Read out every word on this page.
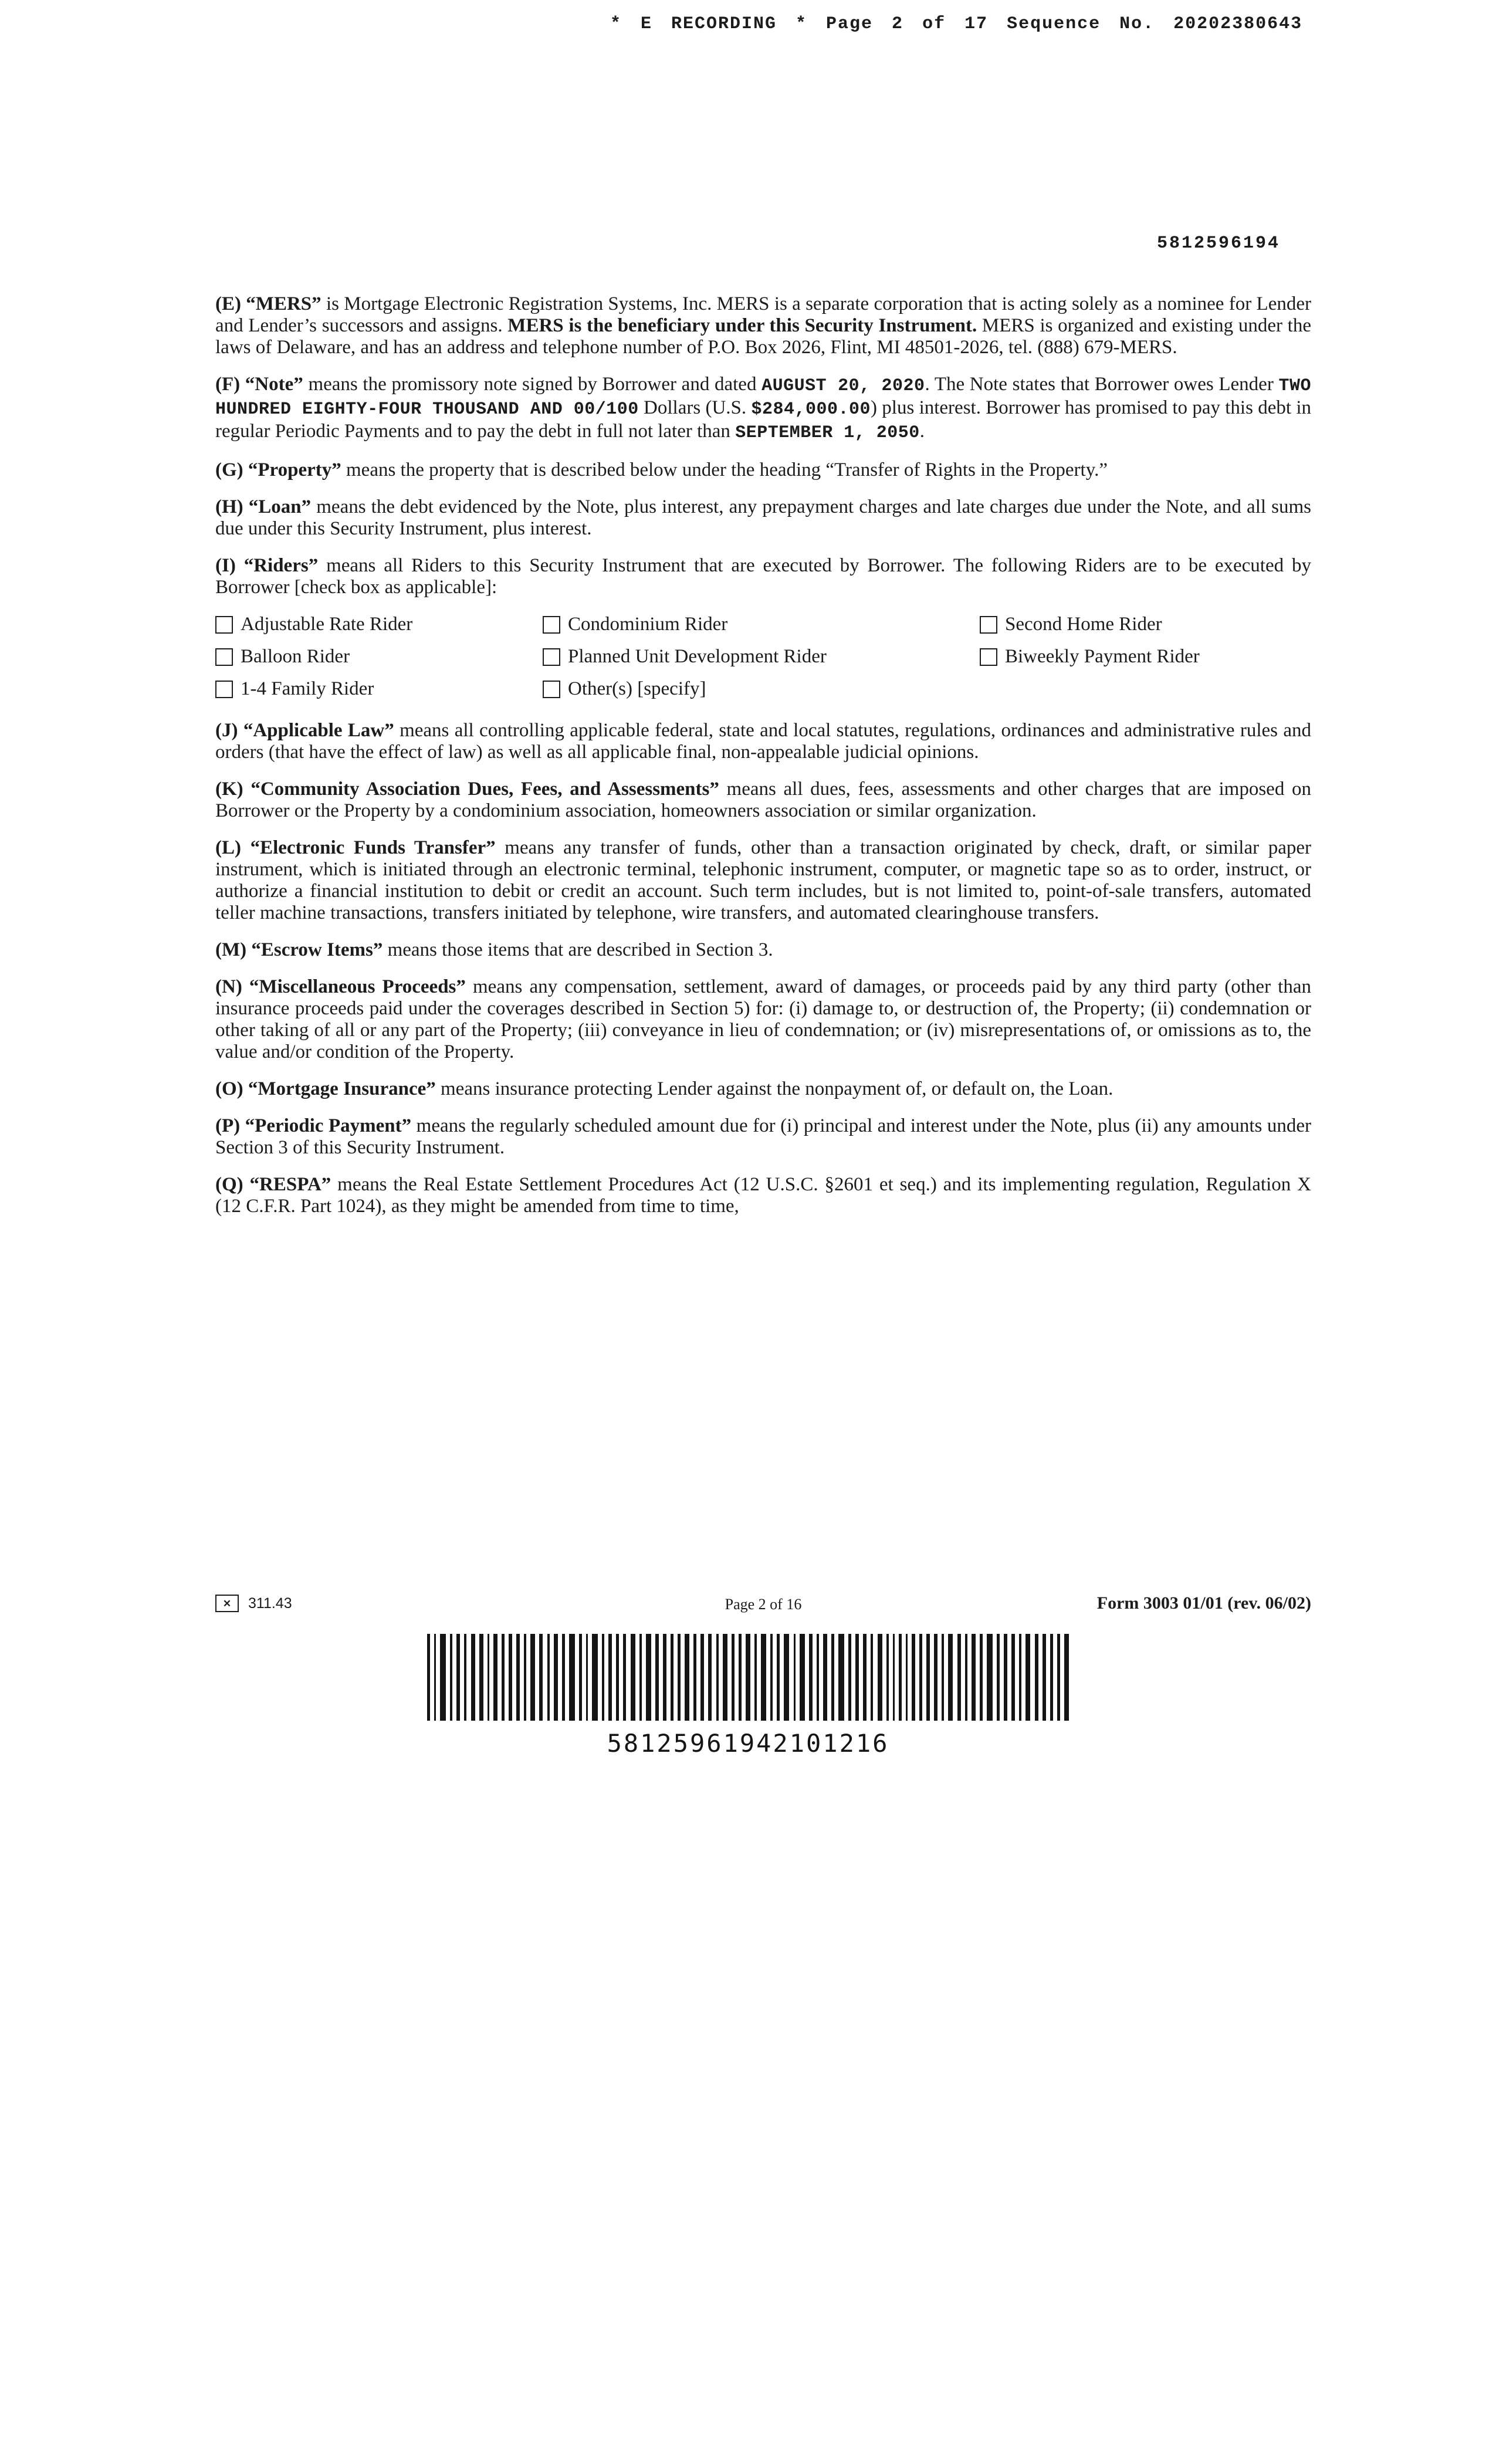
* E RECORDING * Page 2 of 17 Sequence No. 20202380643
5812596194

(E) “MERS” is Mortgage Electronic Registration Systems, Inc. MERS is a separate corporation that is acting solely as a nominee for Lender and Lender’s successors and assigns. MERS is the beneficiary under this Security Instrument. MERS is organized and existing under the laws of Delaware, and has an address and telephone number of P.O. Box 2026, Flint, MI 48501-2026, tel. (888) 679-MERS.

(F) “Note” means the promissory note signed by Borrower and dated AUGUST 20, 2020. The Note states that Borrower owes Lender TWO HUNDRED EIGHTY-FOUR THOUSAND AND 00/100 Dollars (U.S. $284,000.00) plus interest. Borrower has promised to pay this debt in regular Periodic Payments and to pay the debt in full not later than SEPTEMBER 1, 2050.

(G) “Property” means the property that is described below under the heading “Transfer of Rights in the Property.”

(H) “Loan” means the debt evidenced by the Note, plus interest, any prepayment charges and late charges due under the Note, and all sums due under this Security Instrument, plus interest.

(I) “Riders” means all Riders to this Security Instrument that are executed by Borrower. The following Riders are to be executed by Borrower [check box as applicable]:

Adjustable Rate Rider	Condominium Rider	Second Home Rider
Balloon Rider	Planned Unit Development Rider	Biweekly Payment Rider
1-4 Family Rider	Other(s) [specify]

(J) “Applicable Law” means all controlling applicable federal, state and local statutes, regulations, ordinances and administrative rules and orders (that have the effect of law) as well as all applicable final, non-appealable judicial opinions.

(K) “Community Association Dues, Fees, and Assessments” means all dues, fees, assessments and other charges that are imposed on Borrower or the Property by a condominium association, homeowners association or similar organization.

(L) “Electronic Funds Transfer” means any transfer of funds, other than a transaction originated by check, draft, or similar paper instrument, which is initiated through an electronic terminal, telephonic instrument, computer, or magnetic tape so as to order, instruct, or authorize a financial institution to debit or credit an account. Such term includes, but is not limited to, point-of-sale transfers, automated teller machine transactions, transfers initiated by telephone, wire transfers, and automated clearinghouse transfers.

(M) “Escrow Items” means those items that are described in Section 3.

(N) “Miscellaneous Proceeds” means any compensation, settlement, award of damages, or proceeds paid by any third party (other than insurance proceeds paid under the coverages described in Section 5) for: (i) damage to, or destruction of, the Property; (ii) condemnation or other taking of all or any part of the Property; (iii) conveyance in lieu of condemnation; or (iv) misrepresentations of, or omissions as to, the value and/or condition of the Property.

(O) “Mortgage Insurance” means insurance protecting Lender against the nonpayment of, or default on, the Loan.

(P) “Periodic Payment” means the regularly scheduled amount due for (i) principal and interest under the Note, plus (ii) any amounts under Section 3 of this Security Instrument.

(Q) “RESPA” means the Real Estate Settlement Procedures Act (12 U.S.C. §2601 et seq.) and its implementing regulation, Regulation X (12 C.F.R. Part 1024), as they might be amended from time to time,

✕	311.43	Page 2 of 16	Form 3003 01/01 (rev. 06/02)
58125961942101216
